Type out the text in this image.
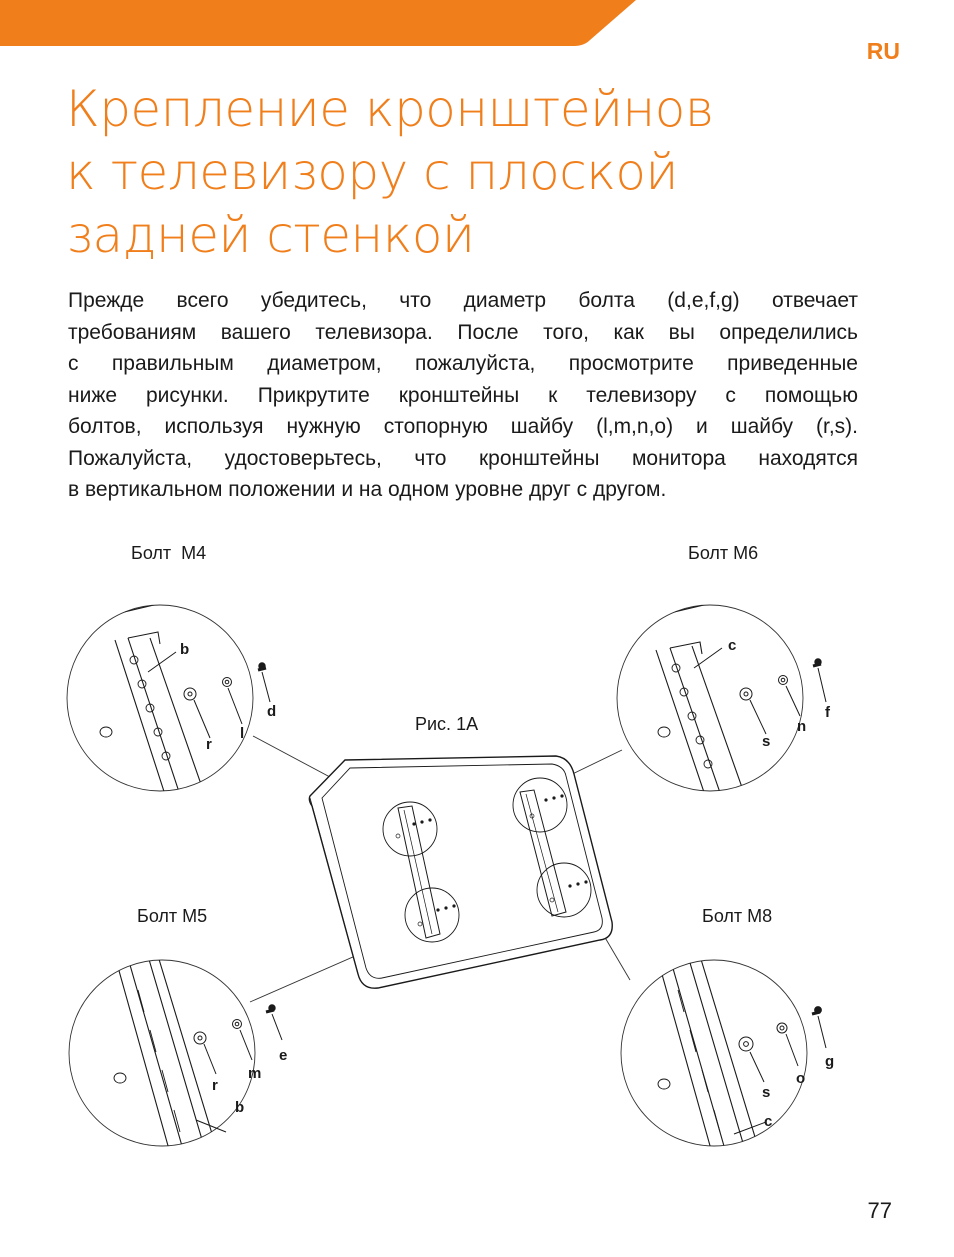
RU
Крепление кронштейнов
к телевизору с плоской
задней стенкой

Прежде всего убедитесь, что диаметр болта (d,e,f,g) отвечает
требованиям вашего телевизора. После того, как вы определились
с правильным диаметром, пожалуйста, просмотрите приведенные
ниже рисунки. Прикрутите кронштейны к телевизору с помощью
болтов, используя нужную стопорную шайбу (l,m,n,o) и шайбу (r,s).
Пожалуйста, удостоверьтесь, что кронштейны монитора находятся
в вертикальном положении и на одном уровне друг с другом.

Болт  M4	Болт M6
Рис. 1A
Болт M5	Болт M8
b
r
l
d
c
s
n
f
r
m
e
b
s
o
g
c
77
